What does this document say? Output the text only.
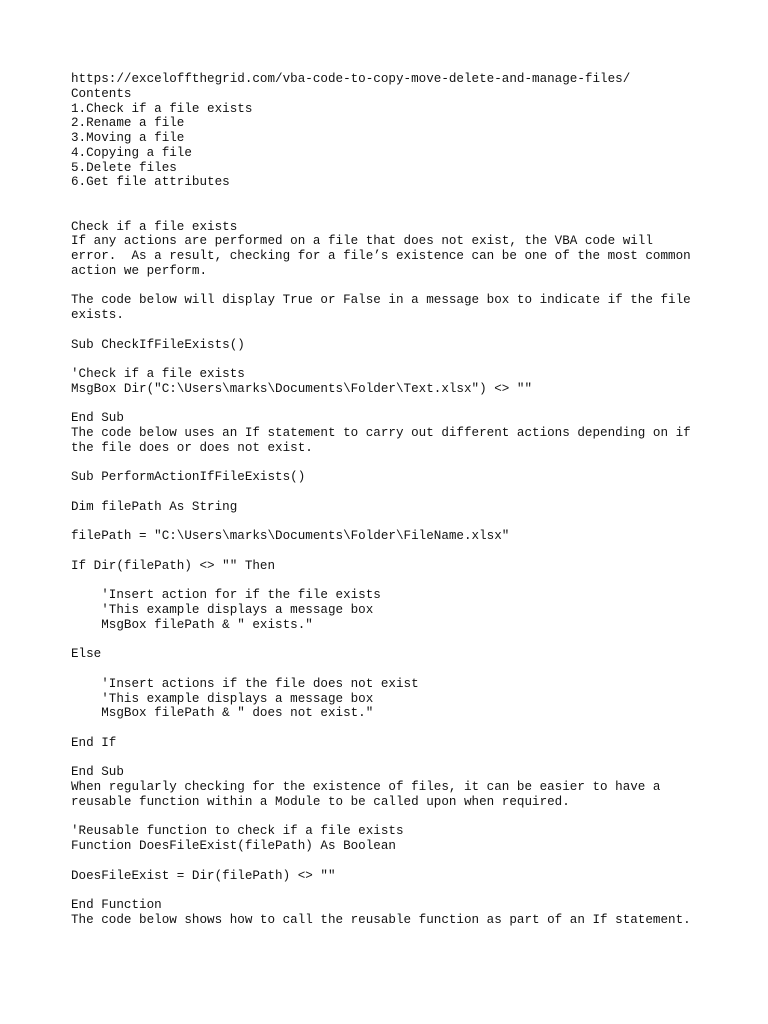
https://exceloffthegrid.com/vba-code-to-copy-move-delete-and-manage-files/
Contents
1.Check if a file exists
2.Rename a file
3.Moving a file
4.Copying a file
5.Delete files
6.Get file attributes
Check if a file exists
If any actions are performed on a file that does not exist, the VBA code will
error.  As a result, checking for a file’s existence can be one of the most common
action we perform.
The code below will display True or False in a message box to indicate if the file
exists.
Sub CheckIfFileExists()
'Check if a file exists
MsgBox Dir("C:\Users\marks\Documents\Folder\Text.xlsx") <> ""
End Sub
The code below uses an If statement to carry out different actions depending on if
the file does or does not exist.
Sub PerformActionIfFileExists()
Dim filePath As String
filePath = "C:\Users\marks\Documents\Folder\FileName.xlsx"
If Dir(filePath) <> "" Then
'Insert action for if the file exists
'This example displays a message box
MsgBox filePath & " exists."
Else
'Insert actions if the file does not exist
'This example displays a message box
MsgBox filePath & " does not exist."
End If
End Sub
When regularly checking for the existence of files, it can be easier to have a
reusable function within a Module to be called upon when required.
'Reusable function to check if a file exists
Function DoesFileExist(filePath) As Boolean
DoesFileExist = Dir(filePath) <> ""
End Function
The code below shows how to call the reusable function as part of an If statement.
